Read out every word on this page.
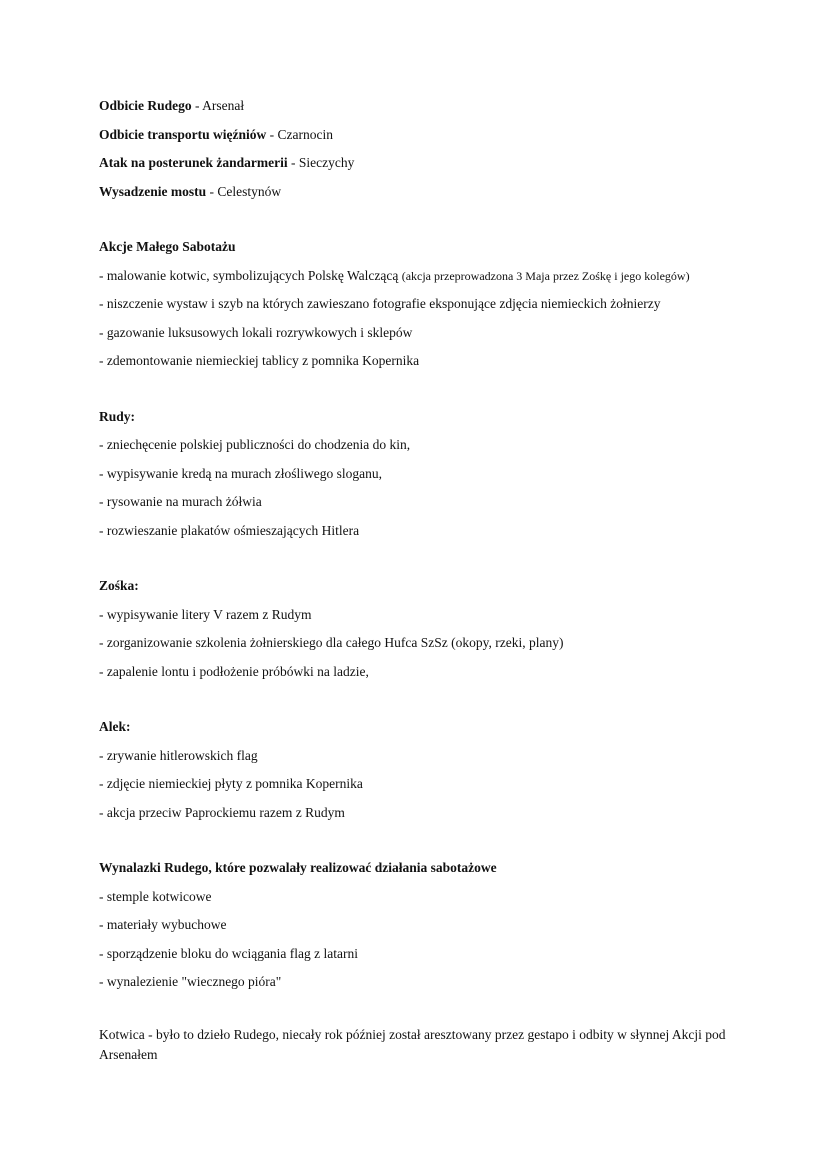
Odbicie Rudego - Arsenał
Odbicie transportu więźniów - Czarnocin
Atak na posterunek żandarmerii - Sieczychy
Wysadzenie mostu - Celestynów
Akcje Małego Sabotażu
- malowanie kotwic, symbolizujących Polskę Walczącą (akcja przeprowadzona 3 Maja przez Zośkę i jego kolegów)
- niszczenie wystaw i szyb na których zawieszano fotografie eksponujące zdjęcia niemieckich żołnierzy
- gazowanie luksusowych lokali rozrywkowych i sklepów
- zdemontowanie niemieckiej tablicy z pomnika Kopernika
Rudy:
- zniechęcenie polskiej publiczności do chodzenia do kin,
- wypisywanie kredą na murach złośliwego sloganu,
- rysowanie na murach żółwia
- rozwieszanie plakatów ośmieszających Hitlera
Zośka:
- wypisywanie litery V razem z Rudym
- zorganizowanie szkolenia żołnierskiego dla całego Hufca SzSz (okopy, rzeki, plany)
- zapalenie lontu i podłożenie próbówki na ladzie,
Alek:
- zrywanie hitlerowskich flag
- zdjęcie niemieckiej płyty z pomnika Kopernika
- akcja przeciw Paprockiemu razem z Rudym
Wynalazki Rudego, które pozwalały realizować działania sabotażowe
- stemple kotwicowe
- materiały wybuchowe
- sporządzenie bloku do wciągania flag z latarni
- wynalezienie "wiecznego pióra"
Kotwica - było to dzieło Rudego, niecały rok później został aresztowany przez gestapo i odbity w słynnej Akcji pod Arsenałem
